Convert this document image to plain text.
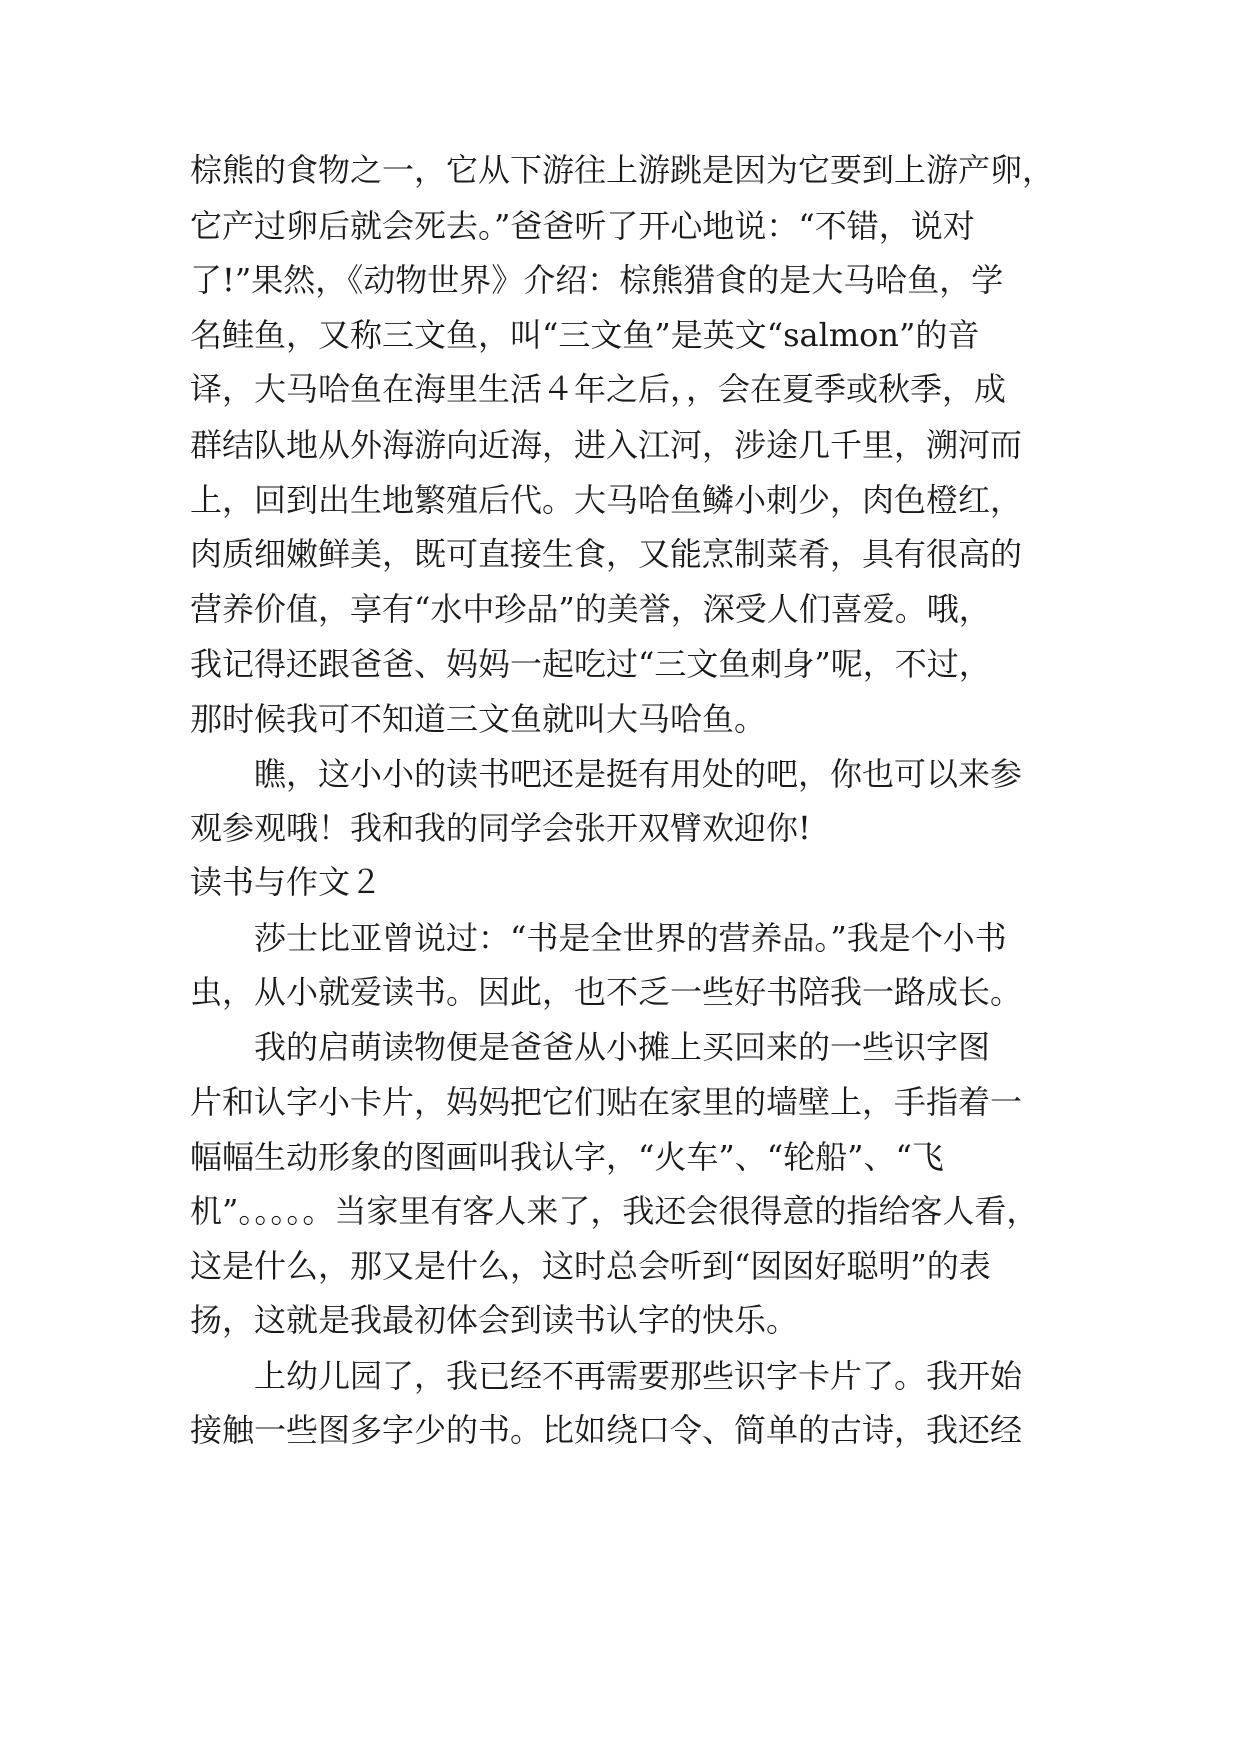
棕熊的食物之一，它从下游往上游跳是因为它要到上游产卵，
它产过卵后就会死去。”爸爸听了开心地说：“不错，说对
了!”果然，《动物世界》介绍：棕熊猎食的是大马哈鱼，学
名鲑鱼，又称三文鱼，叫“三文鱼”是英文“salmon”的音
译，大马哈鱼在海里生活４年之后，，会在夏季或秋季，成
群结队地从外海游向近海，进入江河，涉途几千里，溯河而
上，回到出生地繁殖后代。大马哈鱼鳞小刺少，肉色橙红，
肉质细嫩鲜美，既可直接生食，又能烹制菜肴，具有很高的
营养价值，享有“水中珍品”的美誉，深受人们喜爱。哦，
我记得还跟爸爸、妈妈一起吃过“三文鱼刺身”呢，不过，
那时候我可不知道三文鱼就叫大马哈鱼。
　　瞧，这小小的读书吧还是挺有用处的吧，你也可以来参
观参观哦！我和我的同学会张开双臂欢迎你!
读书与作文２
　　莎士比亚曾说过：“书是全世界的营养品。”我是个小书
虫，从小就爱读书。因此，也不乏一些好书陪我一路成长。
　　我的启萌读物便是爸爸从小摊上买回来的一些识字图
片和认字小卡片，妈妈把它们贴在家里的墙壁上，手指着一
幅幅生动形象的图画叫我认字，“火车”、“轮船”、“飞
机”。。。。。当家里有客人来了，我还会很得意的指给客人看，
这是什么，那又是什么，这时总会听到“囡囡好聪明”的表
扬，这就是我最初体会到读书认字的快乐。
　　上幼儿园了，我已经不再需要那些识字卡片了。我开始
接触一些图多字少的书。比如绕口令、简单的古诗，我还经
